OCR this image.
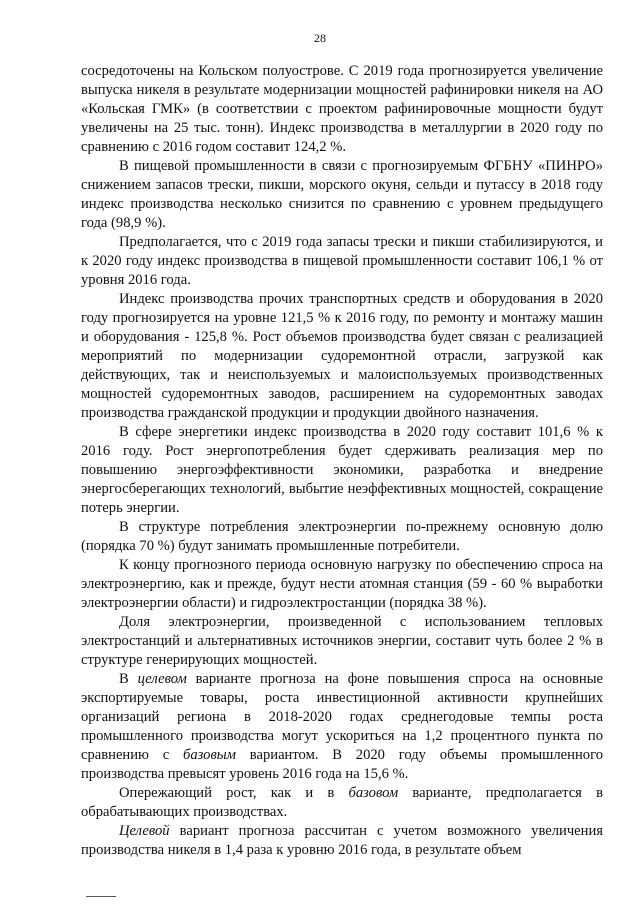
28

сосредоточены на Кольском полуострове. С 2019 года прогнозируется увеличение выпуска никеля в результате модернизации мощностей рафинировки никеля на АО «Кольская ГМК» (в соответствии с проектом рафинировочные мощности будут увеличены на 25 тыс. тонн). Индекс производства в металлургии в 2020 году по сравнению с 2016 годом составит 124,2 %.

В пищевой промышленности в связи с прогнозируемым ФГБНУ «ПИНРО» снижением запасов трески, пикши, морского окуня, сельди и путассу в 2018 году индекс производства несколько снизится по сравнению с уровнем предыдущего года (98,9 %).

Предполагается, что с 2019 года запасы трески и пикши стабилизируются, и к 2020 году индекс производства в пищевой промышленности составит 106,1 % от уровня 2016 года.

Индекс производства прочих транспортных средств и оборудования в 2020 году прогнозируется на уровне 121,5 % к 2016 году, по ремонту и монтажу машин и оборудования - 125,8 %. Рост объемов производства будет связан с реализацией мероприятий по модернизации судоремонтной отрасли, загрузкой как действующих, так и неиспользуемых и малоиспользуемых производственных мощностей судоремонтных заводов, расширением на судоремонтных заводах производства гражданской продукции и продукции двойного назначения.

В сфере энергетики индекс производства в 2020 году составит 101,6 % к 2016 году. Рост энергопотребления будет сдерживать реализация мер по повышению энергоэффективности экономики, разработка и внедрение энергосберегающих технологий, выбытие неэффективных мощностей, сокращение потерь энергии.

В структуре потребления электроэнергии по-прежнему основную долю (порядка 70 %) будут занимать промышленные потребители.

К концу прогнозного периода основную нагрузку по обеспечению спроса на электроэнергию, как и прежде, будут нести атомная станция (59 - 60 % выработки электроэнергии области) и гидроэлектростанции (порядка 38 %).

Доля электроэнергии, произведенной с использованием тепловых электростанций и альтернативных источников энергии, составит чуть более 2 % в структуре генерирующих мощностей.

В целевом варианте прогноза на фоне повышения спроса на основные экспортируемые товары, роста инвестиционной активности крупнейших организаций региона в 2018-2020 годах среднегодовые темпы роста промышленного производства могут ускориться на 1,2 процентного пункта по сравнению с базовым вариантом. В 2020 году объемы промышленного производства превысят уровень 2016 года на 15,6 %.

Опережающий рост, как и в базовом варианте, предполагается в обрабатывающих производствах.

Целевой вариант прогноза рассчитан с учетом возможного увеличения производства никеля в 1,4 раза к уровню 2016 года, в результате объем
